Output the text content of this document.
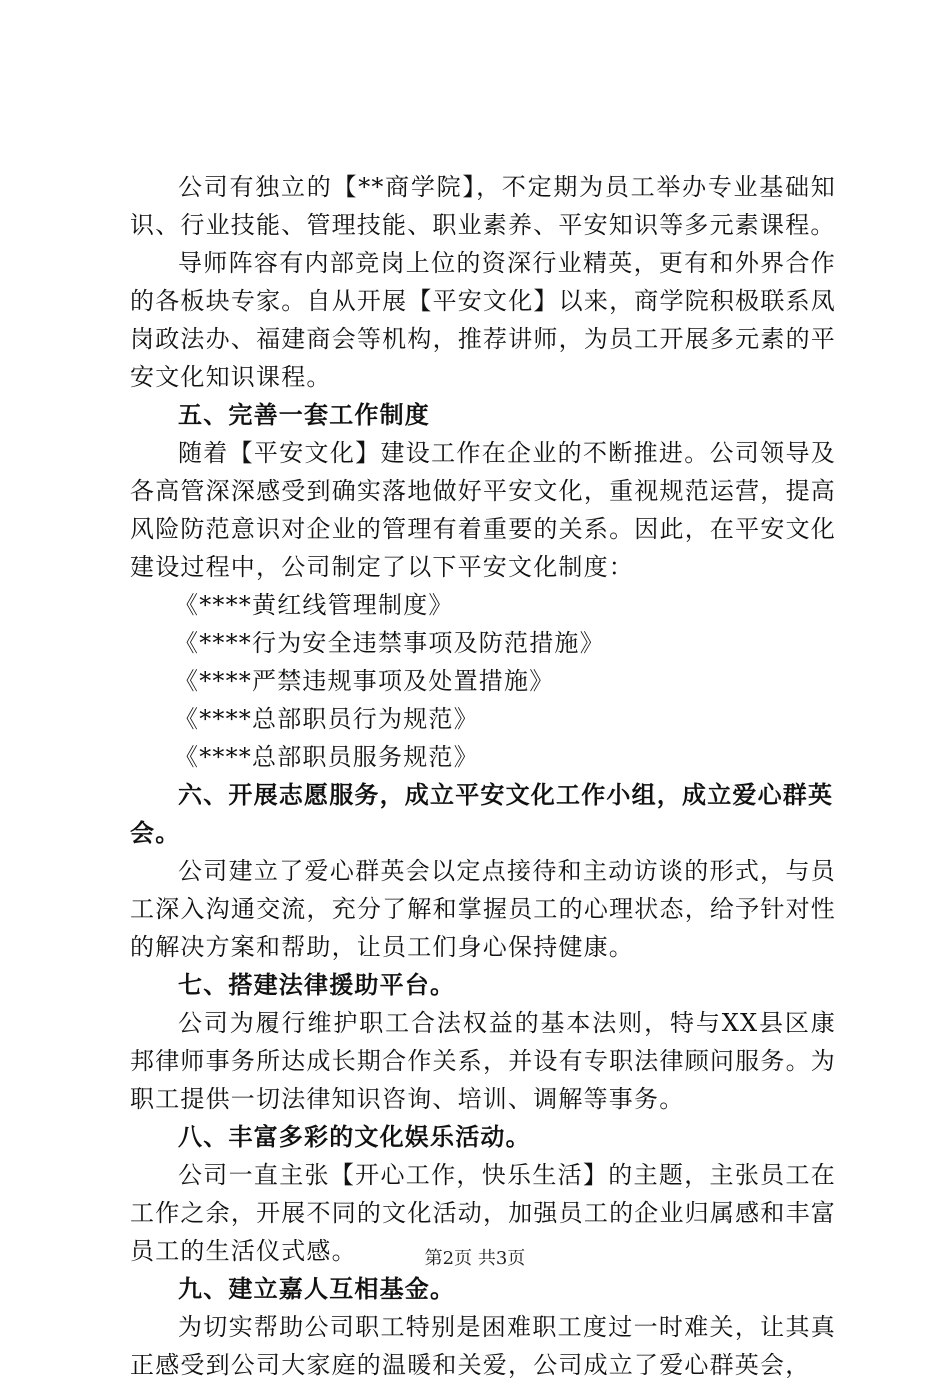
公司有独立的【**商学院】，不定期为员工举办专业基础知识、行业技能、管理技能、职业素养、平安知识等多元素课程。

导师阵容有内部竞岗上位的资深行业精英，更有和外界合作的各板块专家。自从开展【平安文化】以来，商学院积极联系凤岗政法办、福建商会等机构，推荐讲师，为员工开展多元素的平安文化知识课程。

五、完善一套工作制度

随着【平安文化】建设工作在企业的不断推进。公司领导及各高管深深感受到确实落地做好平安文化，重视规范运营，提高风险防范意识对企业的管理有着重要的关系。因此，在平安文化建设过程中，公司制定了以下平安文化制度：

《****黄红线管理制度》

《****行为安全违禁事项及防范措施》

《****严禁违规事项及处置措施》

《****总部职员行为规范》

《****总部职员服务规范》

六、开展志愿服务，成立平安文化工作小组，成立爱心群英会。

公司建立了爱心群英会以定点接待和主动访谈的形式，与员工深入沟通交流，充分了解和掌握员工的心理状态，给予针对性的解决方案和帮助，让员工们身心保持健康。

七、搭建法律援助平台。

公司为履行维护职工合法权益的基本法则，特与XX县区康邦律师事务所达成长期合作关系，并设有专职法律顾问服务。为职工提供一切法律知识咨询、培训、调解等事务。

八、丰富多彩的文化娱乐活动。

公司一直主张【开心工作，快乐生活】的主题，主张员工在工作之余，开展不同的文化活动，加强员工的企业归属感和丰富员工的生活仪式感。

九、建立嘉人互相基金。

为切实帮助公司职工特别是困难职工度过一时难关，让其真正感受到公司大家庭的温暖和关爱，公司成立了爱心群英会，

第2页 共3页
